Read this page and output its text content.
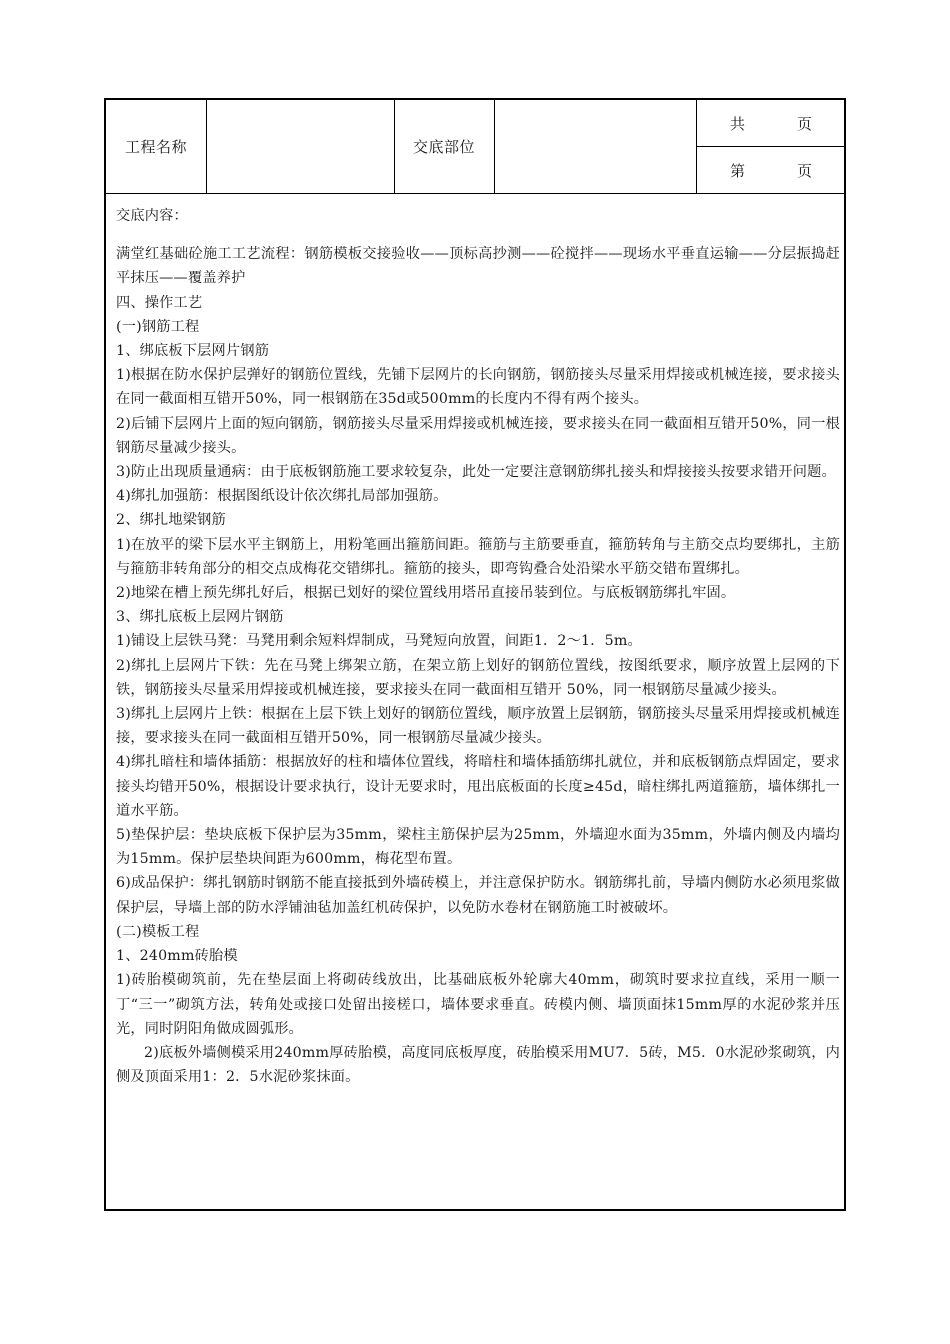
工程名称	交底部位
共	页
第	页

交底内容：

满堂红基础砼施工工艺流程：钢筋模板交接验收——顶标高抄测——砼搅拌——现场水平垂直运输——分层振捣赶平抹压——覆盖养护

四、操作工艺

(一)钢筋工程

1、绑底板下层网片钢筋

1)根据在防水保护层弹好的钢筋位置线，先铺下层网片的长向钢筋，钢筋接头尽量采用焊接或机械连接，要求接头在同一截面相互错开50%，同一根钢筋在35d或500mm的长度内不得有两个接头。

2)后铺下层网片上面的短向钢筋，钢筋接头尽量采用焊接或机械连接，要求接头在同一截面相互错开50%，同一根钢筋尽量减少接头。

3)防止出现质量通病：由于底板钢筋施工要求较复杂，此处一定要注意钢筋绑扎接头和焊接接头按要求错开问题。

4)绑扎加强筋：根据图纸设计依次绑扎局部加强筋。

2、绑扎地梁钢筋

1)在放平的梁下层水平主钢筋上，用粉笔画出箍筋间距。箍筋与主筋要垂直，箍筋转角与主筋交点均要绑扎，主筋与箍筋非转角部分的相交点成梅花交错绑扎。箍筋的接头，即弯钩叠合处沿梁水平筋交错布置绑扎。

2)地梁在槽上预先绑扎好后，根据已划好的梁位置线用塔吊直接吊装到位。与底板钢筋绑扎牢固。

3、绑扎底板上层网片钢筋

1)铺设上层铁马凳：马凳用剩余短料焊制成，马凳短向放置，间距1．2～1．5m。

2)绑扎上层网片下铁：先在马凳上绑架立筋，在架立筋上划好的钢筋位置线，按图纸要求，顺序放置上层网的下铁，钢筋接头尽量采用焊接或机械连接，要求接头在同一截面相互错开 50%，同一根钢筋尽量减少接头。

3)绑扎上层网片上铁：根据在上层下铁上划好的钢筋位置线，顺序放置上层钢筋，钢筋接头尽量采用焊接或机械连接，要求接头在同一截面相互错开50%，同一根钢筋尽量减少接头。

4)绑扎暗柱和墙体插筋：根据放好的柱和墙体位置线，将暗柱和墙体插筋绑扎就位，并和底板钢筋点焊固定，要求接头均错开50%，根据设计要求执行，设计无要求时，甩出底板面的长度≥45d，暗柱绑扎两道箍筋，墙体绑扎一道水平筋。

5)垫保护层：垫块底板下保护层为35mm，梁柱主筋保护层为25mm，外墙迎水面为35mm，外墙内侧及内墙均为15mm。保护层垫块间距为600mm，梅花型布置。

6)成品保护：绑扎钢筋时钢筋不能直接抵到外墙砖模上，并注意保护防水。钢筋绑扎前，导墙内侧防水必须甩浆做保护层，导墙上部的防水浮铺油毡加盖红机砖保护，以免防水卷材在钢筋施工时被破坏。

(二)模板工程

1、240mm砖胎模

1)砖胎模砌筑前，先在垫层面上将砌砖线放出，比基础底板外轮廓大40mm，砌筑时要求拉直线，采用一顺一丁“三一”砌筑方法，转角处或接口处留出接槎口，墙体要求垂直。砖模内侧、墙顶面抹15mm厚的水泥砂浆并压光，同时阴阳角做成圆弧形。

2)底板外墙侧模采用240mm厚砖胎模，高度同底板厚度，砖胎模采用MU7．5砖，M5．0水泥砂浆砌筑，内侧及顶面采用1：2．5水泥砂浆抹面。
